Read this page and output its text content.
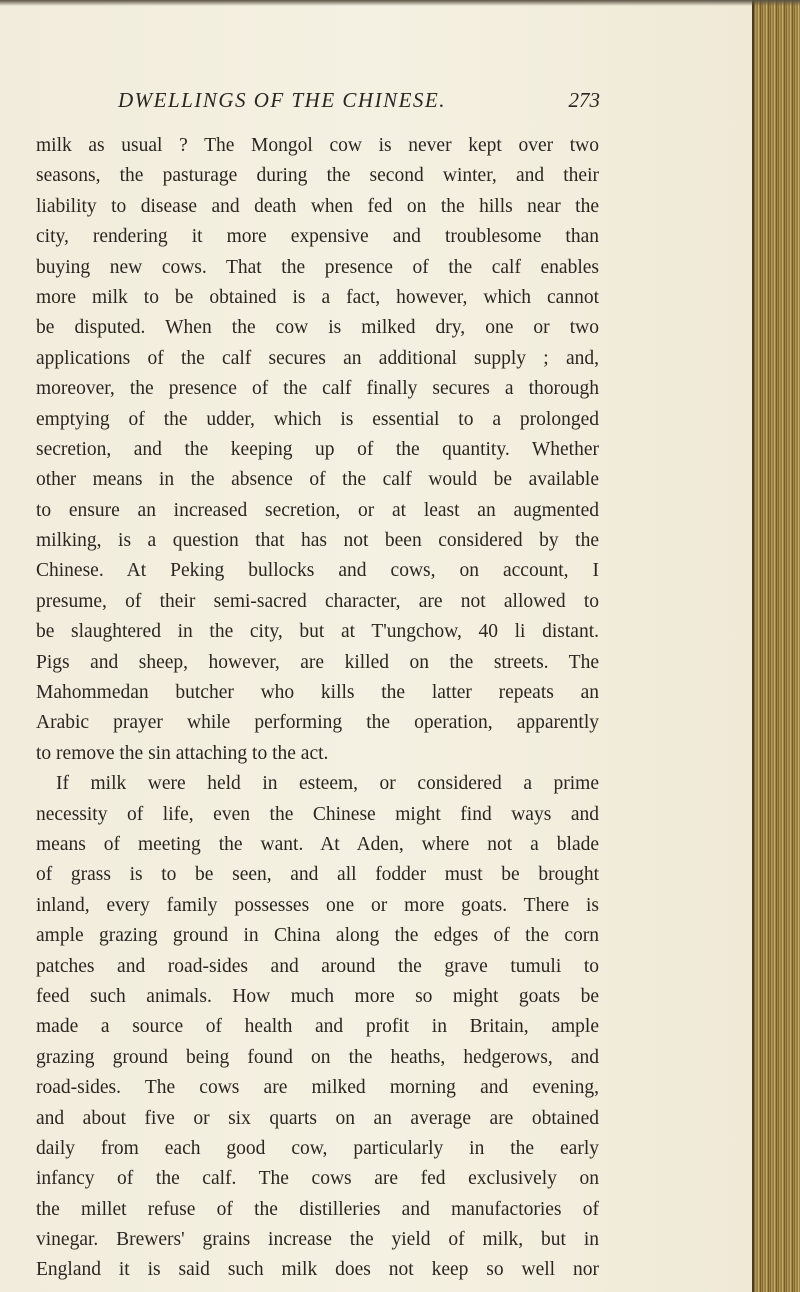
DWELLINGS OF THE CHINESE.	273
milk as usual ? The Mongol cow is never kept over two
seasons, the pasturage during the second winter, and their
liability to disease and death when fed on the hills near the
city, rendering it more expensive and troublesome than
buying new cows. That the presence of the calf enables
more milk to be obtained is a fact, however, which cannot
be disputed. When the cow is milked dry, one or two
applications of the calf secures an additional supply ; and,
moreover, the presence of the calf finally secures a thorough
emptying of the udder, which is essential to a prolonged
secretion, and the keeping up of the quantity. Whether
other means in the absence of the calf would be available
to ensure an increased secretion, or at least an augmented
milking, is a question that has not been considered by the
Chinese. At Peking bullocks and cows, on account, I
presume, of their semi-sacred character, are not allowed to
be slaughtered in the city, but at T'ungchow, 40 li distant.
Pigs and sheep, however, are killed on the streets. The
Mahommedan butcher who kills the latter repeats an
Arabic prayer while performing the operation, apparently
to remove the sin attaching to the act.
If milk were held in esteem, or considered a prime
necessity of life, even the Chinese might find ways and
means of meeting the want. At Aden, where not a blade
of grass is to be seen, and all fodder must be brought
inland, every family possesses one or more goats. There is
ample grazing ground in China along the edges of the corn
patches and road-sides and around the grave tumuli to
feed such animals. How much more so might goats be
made a source of health and profit in Britain, ample
grazing ground being found on the heaths, hedgerows, and
road-sides. The cows are milked morning and evening,
and about five or six quarts on an average are obtained
daily from each good cow, particularly in the early
infancy of the calf. The cows are fed exclusively on
the millet refuse of the distilleries and manufactories of
vinegar. Brewers' grains increase the yield of milk, but in
England it is said such milk does not keep so well nor
